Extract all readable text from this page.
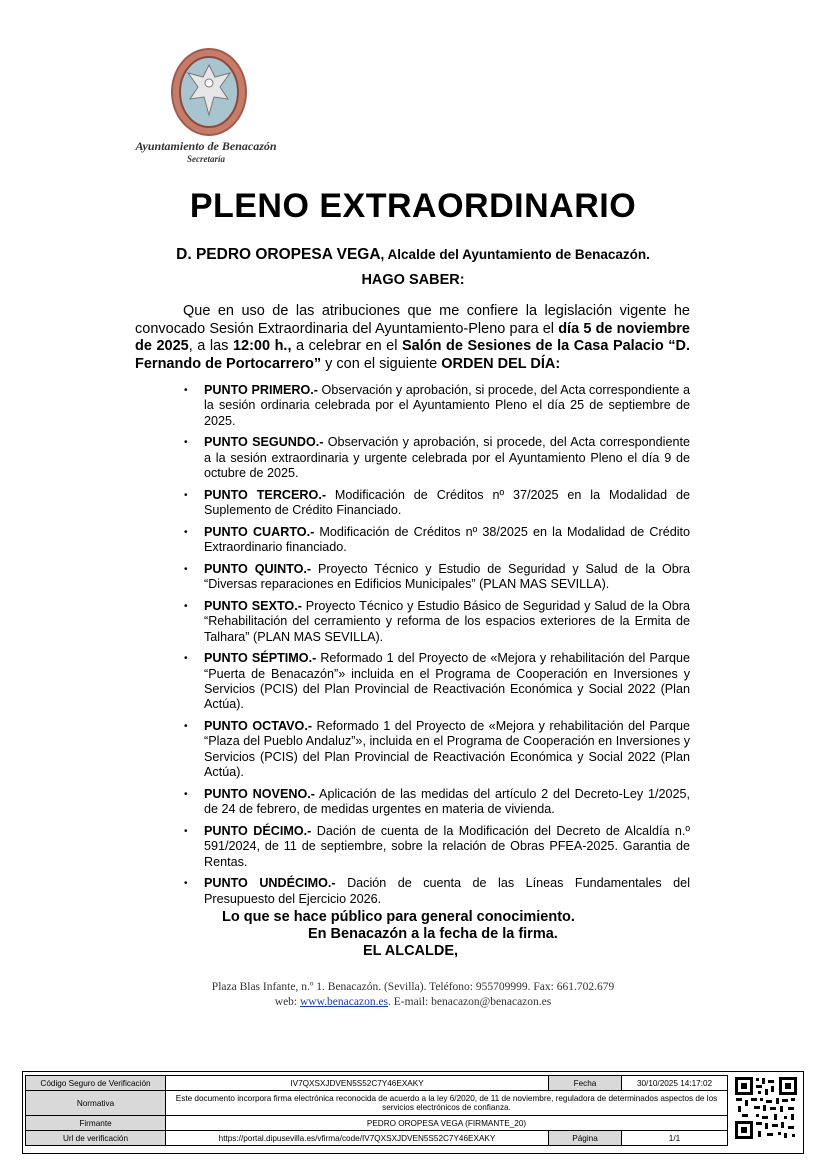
Ayuntamiento de Benacazón
Secretaría
PLENO EXTRAORDINARIO
D. PEDRO OROPESA VEGA, Alcalde del Ayuntamiento de Benacazón.
HAGO SABER:

Que en uso de las atribuciones que me confiere la legislación vigente he convocado Sesión Extraordinaria del Ayuntamiento-Pleno para el día 5 de noviembre de 2025, a las 12:00 h., a celebrar en el Salón de Sesiones de la Casa Palacio “D. Fernando de Portocarrero” y con el siguiente ORDEN DEL DÍA:

• PUNTO PRIMERO.- Observación y aprobación, si procede, del Acta correspondiente a la sesión ordinaria celebrada por el Ayuntamiento Pleno el día 25 de septiembre de 2025.
• PUNTO SEGUNDO.- Observación y aprobación, si procede, del Acta correspondiente a la sesión extraordinaria y urgente celebrada por el Ayuntamiento Pleno el día 9 de octubre de 2025.
• PUNTO TERCERO.- Modificación de Créditos nº 37/2025 en la Modalidad de Suplemento de Crédito Financiado.
• PUNTO CUARTO.- Modificación de Créditos nº 38/2025 en la Modalidad de Crédito Extraordinario financiado.
• PUNTO QUINTO.- Proyecto Técnico y Estudio de Seguridad y Salud de la Obra “Diversas reparaciones en Edificios Municipales” (PLAN MAS SEVILLA).
• PUNTO SEXTO.- Proyecto Técnico y Estudio Básico de Seguridad y Salud de la Obra “Rehabilitación del cerramiento y reforma de los espacios exteriores de la Ermita de Talhara” (PLAN MAS SEVILLA).
• PUNTO SÉPTIMO.- Reformado 1 del Proyecto de «Mejora y rehabilitación del Parque “Puerta de Benacazón”» incluida en el Programa de Cooperación en Inversiones y Servicios (PCIS) del Plan Provincial de Reactivación Económica y Social 2022 (Plan Actúa).
• PUNTO OCTAVO.- Reformado 1 del Proyecto de «Mejora y rehabilitación del Parque “Plaza del Pueblo Andaluz”», incluida en el Programa de Cooperación en Inversiones y Servicios (PCIS) del Plan Provincial de Reactivación Económica y Social 2022 (Plan Actúa).
• PUNTO NOVENO.- Aplicación de las medidas del artículo 2 del Decreto-Ley 1/2025, de 24 de febrero, de medidas urgentes en materia de vivienda.
• PUNTO DÉCIMO.- Dación de cuenta de la Modificación del Decreto de Alcaldía n.º 591/2024, de 11 de septiembre, sobre la relación de Obras PFEA-2025. Garantia de Rentas.
• PUNTO UNDÉCIMO.- Dación de cuenta de las Líneas Fundamentales del Presupuesto del Ejercicio 2026.
Lo que se hace público para general conocimiento.
En Benacazón a la fecha de la firma.
EL ALCALDE,
Plaza Blas Infante, n.º 1. Benacazón. (Sevilla). Teléfono: 955709999. Fax: 661.702.679
web: www.benacazon.es. E-mail: benacazon@benacazon.es
Código Seguro de Verificación	IV7QXSXJDVEN5S52C7Y46EXAKY	Fecha	30/10/2025 14:17:02
Normativa	Este documento incorpora firma electrónica reconocida de acuerdo a la ley 6/2020, de 11 de noviembre, reguladora de determinados aspectos de los servicios electrónicos de confianza.		
Firmante	PEDRO OROPESA VEGA (FIRMANTE_20)		
Url de verificación	https://portal.dipusevilla.es/vfirma/code/IV7QXSXJDVEN5S52C7Y46EXAKY	Página	1/1
